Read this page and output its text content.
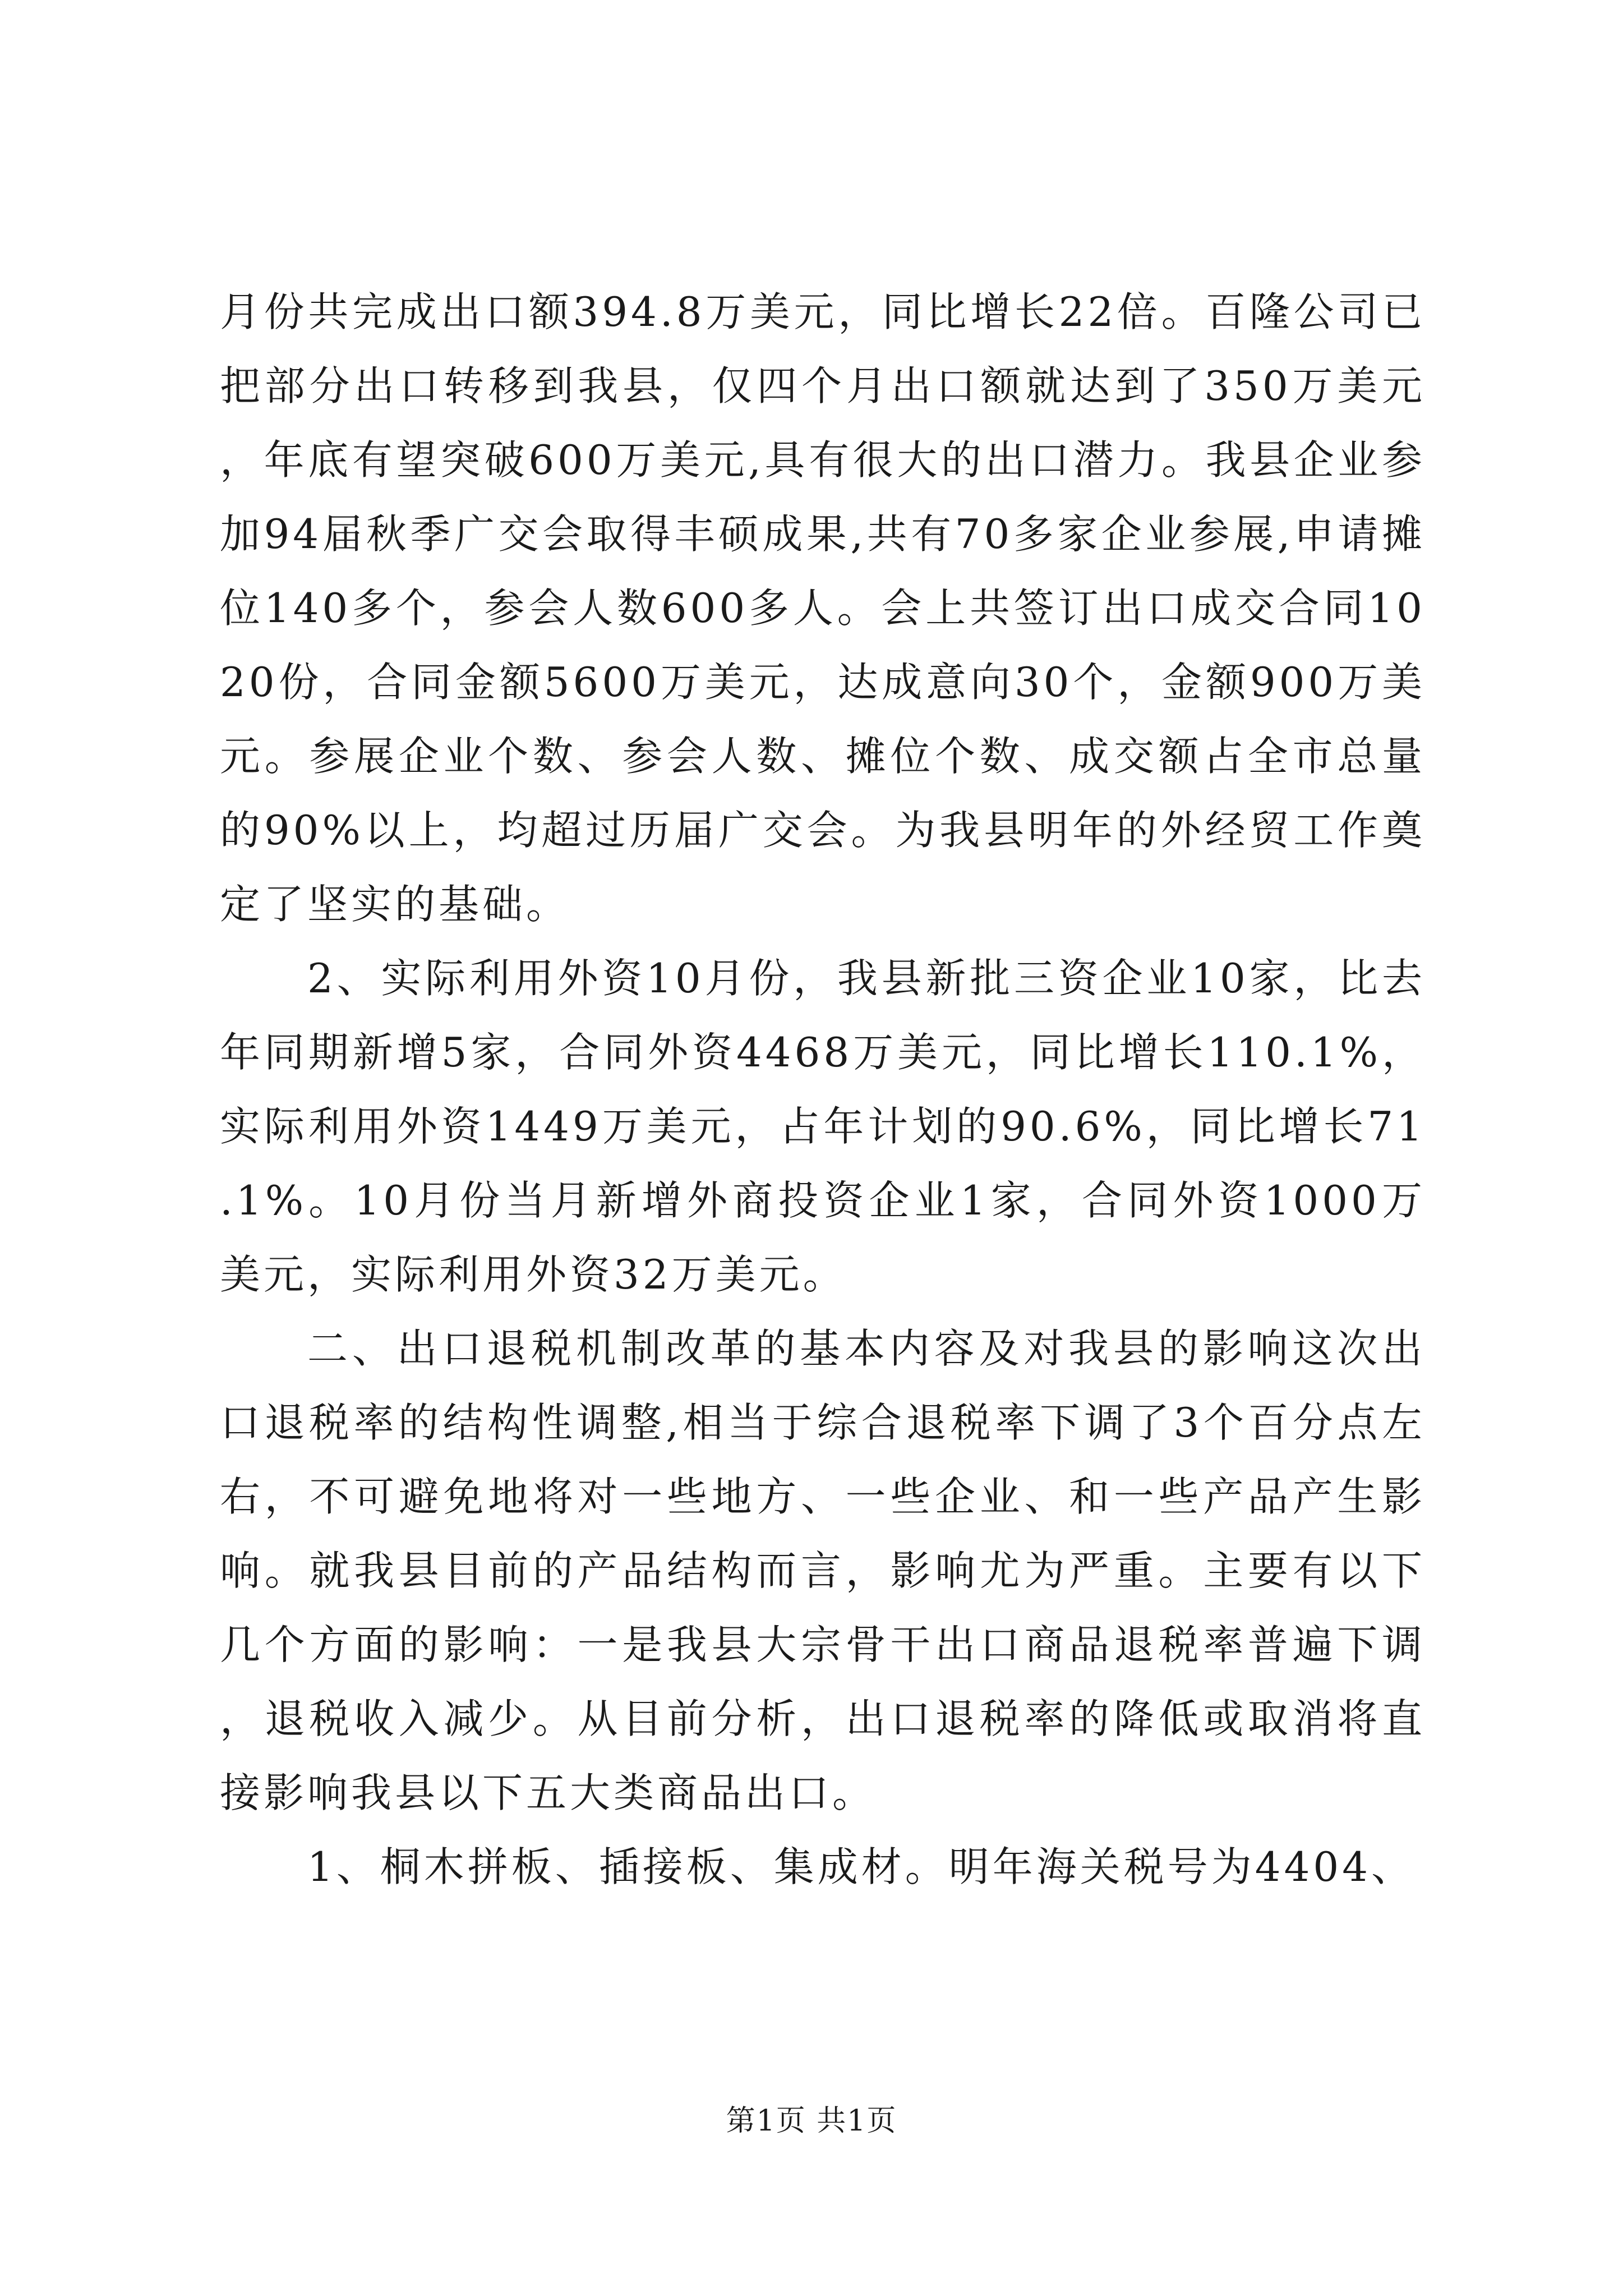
月份共完成出口额394.8万美元，同比增长22倍。百隆公司已把部分出口转移到我县，仅四个月出口额就达到了350万美元，年底有望突破600万美元,具有很大的出口潜力。我县企业参加94届秋季广交会取得丰硕成果,共有70多家企业参展,申请摊位140多个，参会人数600多人。会上共签订出口成交合同1020份，合同金额5600万美元，达成意向30个，金额900万美元。参展企业个数、参会人数、摊位个数、成交额占全市总量的90%以上，均超过历届广交会。为我县明年的外经贸工作奠定了坚实的基础。

2、实际利用外资10月份，我县新批三资企业10家，比去年同期新增5家，合同外资4468万美元，同比增长110.1%，实际利用外资1449万美元，占年计划的90.6%，同比增长71.1%。10月份当月新增外商投资企业1家，合同外资1000万美元，实际利用外资32万美元。

二、出口退税机制改革的基本内容及对我县的影响这次出口退税率的结构性调整,相当于综合退税率下调了3个百分点左右，不可避免地将对一些地方、一些企业、和一些产品产生影响。就我县目前的产品结构而言，影响尤为严重。主要有以下几个方面的影响：一是我县大宗骨干出口商品退税率普遍下调，退税收入减少。从目前分析，出口退税率的降低或取消将直接影响我县以下五大类商品出口。

1、桐木拼板、插接板、集成材。明年海关税号为4404、

第1页 共1页
